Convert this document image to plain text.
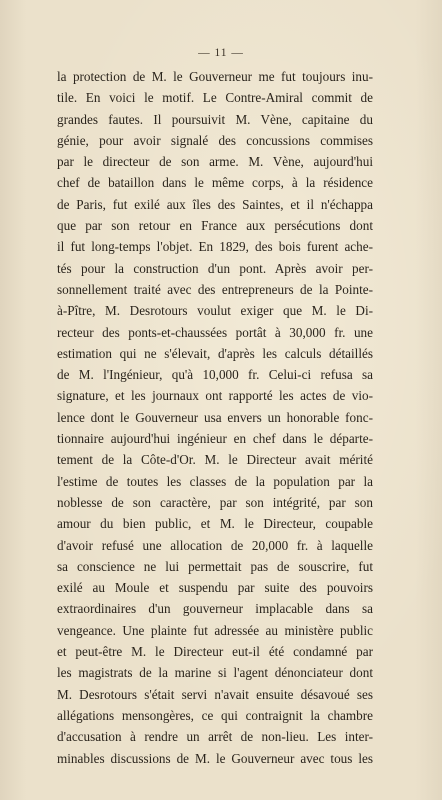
— 11 —
la protection de M. le Gouverneur me fut toujours inu-
tile. En voici le motif. Le Contre-Amiral commit de
grandes fautes. Il poursuivit M. Vène, capitaine du
génie, pour avoir signalé des concussions commises
par le directeur de son arme. M. Vène, aujourd'hui
chef de bataillon dans le même corps, à la résidence
de Paris, fut exilé aux îles des Saintes, et il n'échappa
que par son retour en France aux persécutions dont
il fut long-temps l'objet. En 1829, des bois furent ache-
tés pour la construction d'un pont. Après avoir per-
sonnellement traité avec des entrepreneurs de la Pointe-
à-Pître, M. Desrotours voulut exiger que M. le Di-
recteur des ponts-et-chaussées portât à 30,000 fr. une
estimation qui ne s'élevait, d'après les calculs détaillés
de M. l'Ingénieur, qu'à 10,000 fr. Celui-ci refusa sa
signature, et les journaux ont rapporté les actes de vio-
lence dont le Gouverneur usa envers un honorable fonc-
tionnaire aujourd'hui ingénieur en chef dans le départe-
tement de la Côte-d'Or. M. le Directeur avait mérité
l'estime de toutes les classes de la population par la
noblesse de son caractère, par son intégrité, par son
amour du bien public, et M. le Directeur, coupable
d'avoir refusé une allocation de 20,000 fr. à laquelle
sa conscience ne lui permettait pas de souscrire, fut
exilé au Moule et suspendu par suite des pouvoirs
extraordinaires d'un gouverneur implacable dans sa
vengeance. Une plainte fut adressée au ministère public
et peut-être M. le Directeur eut-il été condamné par
les magistrats de la marine si l'agent dénonciateur dont
M. Desrotours s'était servi n'avait ensuite désavoué ses
allégations mensongères, ce qui contraignit la chambre
d'accusation à rendre un arrêt de non-lieu. Les inter-
minables discussions de M. le Gouverneur avec tous les
